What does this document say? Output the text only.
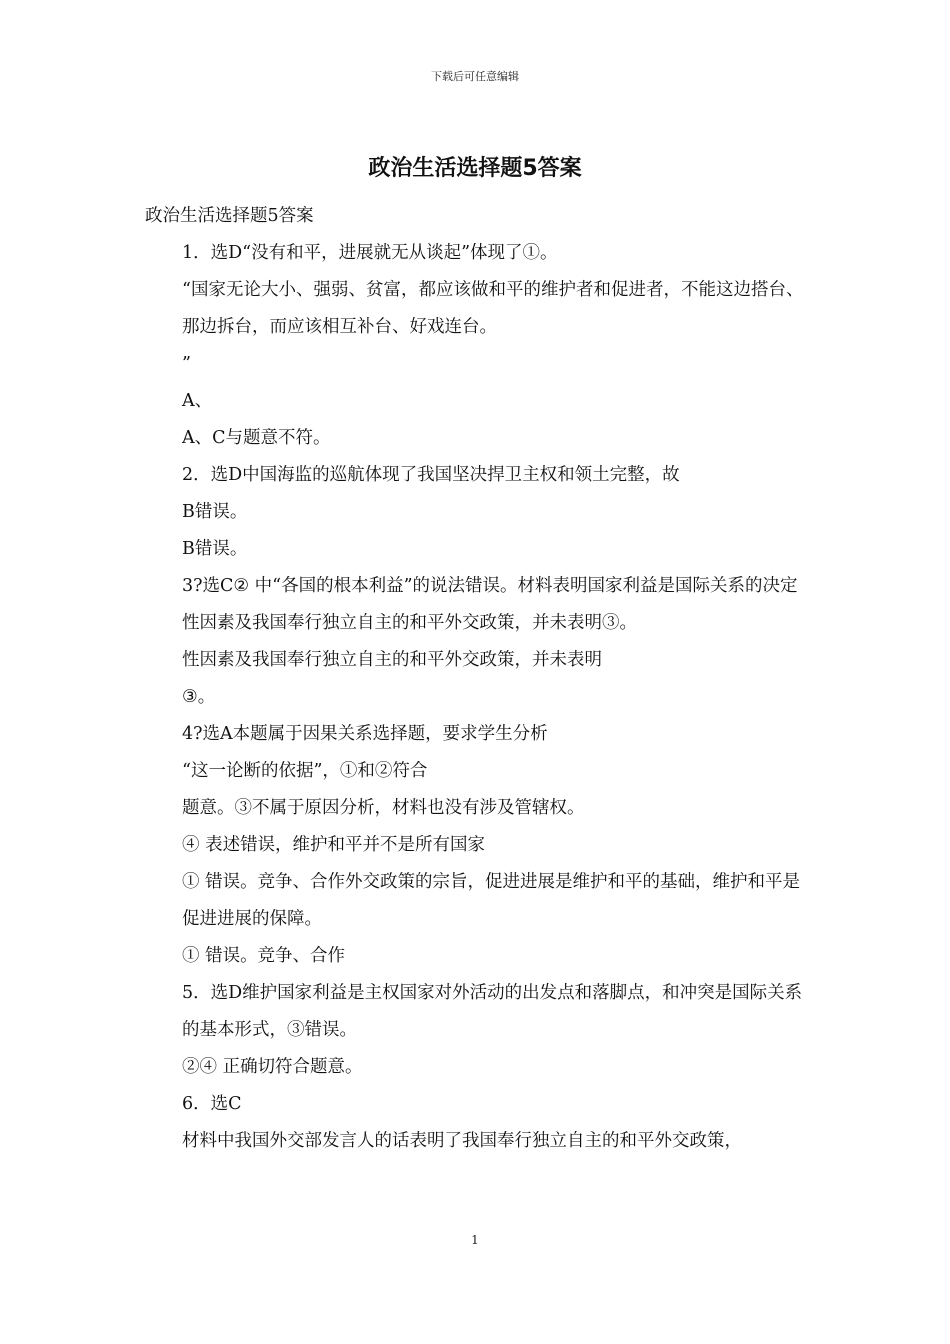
下载后可任意编辑
政治生活选择题5答案

政治生活选择题5答案

1．选D“没有和平，进展就无从谈起”体现了①。

“国家无论大小、强弱、贫富，都应该做和平的维护者和促进者，不能这边搭台、那边拆台，而应该相互补台、好戏连台。

”

A、

A、C与题意不符。

2．选D中国海监的巡航体现了我国坚决捍卫主权和领土完整，故

B错误。

B错误。

3?选C② 中“各国的根本利益”的说法错误。材料表明国家利益是国际关系的决定

性因素及我国奉行独立自主的和平外交政策，并未表明③。

性因素及我国奉行独立自主的和平外交政策，并未表明

③。

4?选A本题属于因果关系选择题，要求学生分析

“这一论断的依据”，①和②符合

题意。③不属于原因分析，材料也没有涉及管辖权。

④ 表述错误，维护和平并不是所有国家

① 错误。竞争、合作外交政策的宗旨，促进进展是维护和平的基础，维护和平是促进进展的保障。

① 错误。竞争、合作

5．选D维护国家利益是主权国家对外活动的出发点和落脚点，和冲突是国际关系的基本形式，③错误。

②④ 正确切符合题意。

6．选C

材料中我国外交部发言人的话表明了我国奉行独立自主的和平外交政策，

1
